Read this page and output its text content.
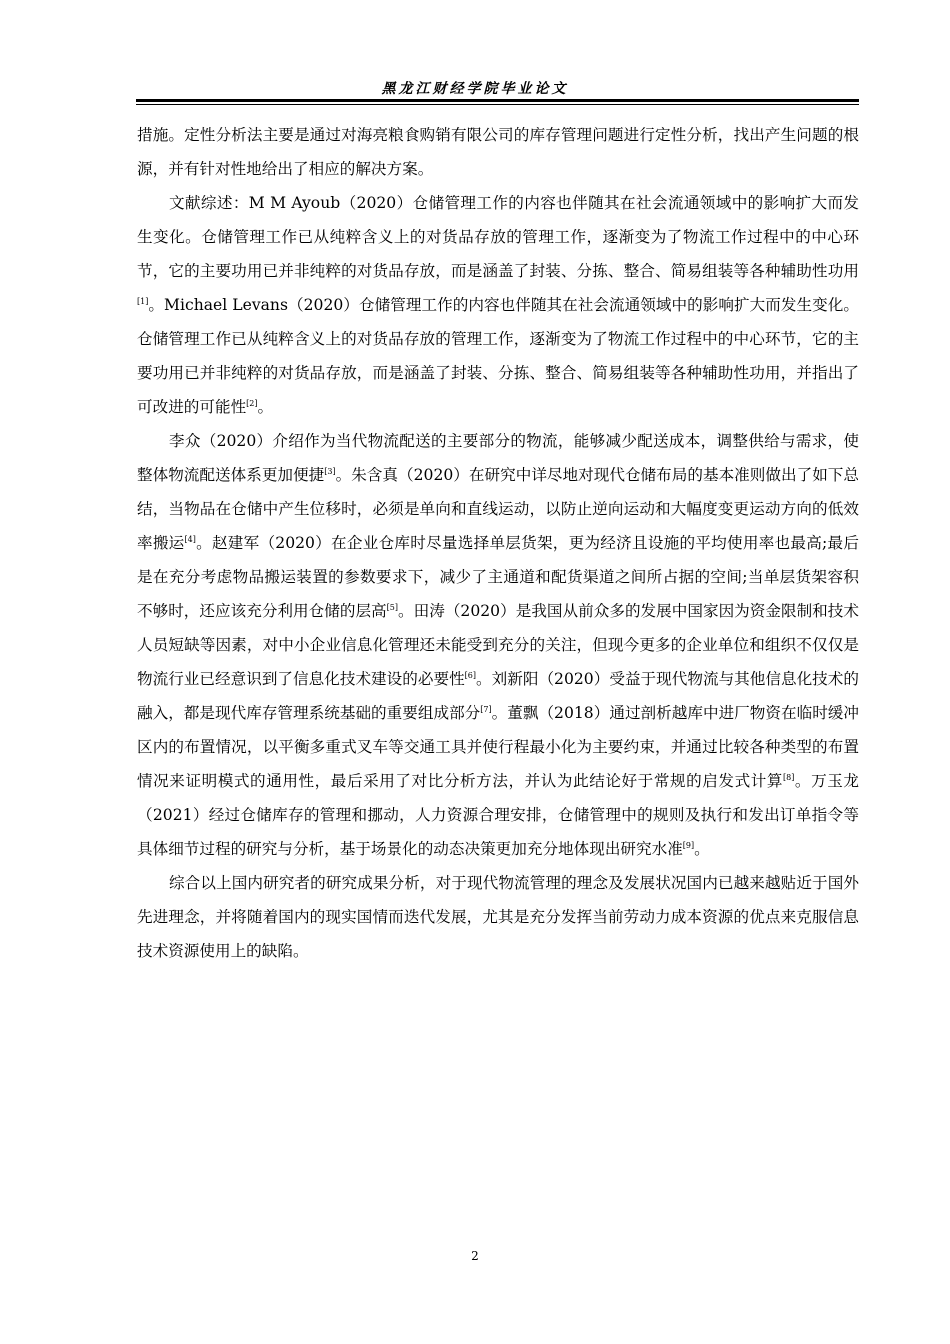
黑龙江财经学院毕业论文

措施。定性分析法主要是通过对海亮粮食购销有限公司的库存管理问题进行定性分析，找出产生问题的根源，并有针对性地给出了相应的解决方案。

文献综述：M M Ayoub（2020）仓储管理工作的内容也伴随其在社会流通领域中的影响扩大而发生变化。仓储管理工作已从纯粹含义上的对货品存放的管理工作，逐渐变为了物流工作过程中的中心环节，它的主要功用已并非纯粹的对货品存放，而是涵盖了封装、分拣、整合、简易组装等各种辅助性功用[1]。Michael Levans（2020）仓储管理工作的内容也伴随其在社会流通领域中的影响扩大而发生变化。仓储管理工作已从纯粹含义上的对货品存放的管理工作，逐渐变为了物流工作过程中的中心环节，它的主要功用已并非纯粹的对货品存放，而是涵盖了封装、分拣、整合、简易组装等各种辅助性功用，并指出了可改进的可能性[2]。

李众（2020）介绍作为当代物流配送的主要部分的物流，能够减少配送成本，调整供给与需求，使整体物流配送体系更加便捷[3]。朱含真（2020）在研究中详尽地对现代仓储布局的基本准则做出了如下总结，当物品在仓储中产生位移时，必须是单向和直线运动，以防止逆向运动和大幅度变更运动方向的低效率搬运[4]。赵建军（2020）在企业仓库时尽量选择单层货架，更为经济且设施的平均使用率也最高;最后是在充分考虑物品搬运装置的参数要求下，减少了主通道和配货渠道之间所占据的空间;当单层货架容积不够时，还应该充分利用仓储的层高[5]。田涛（2020）是我国从前众多的发展中国家因为资金限制和技术人员短缺等因素，对中小企业信息化管理还未能受到充分的关注，但现今更多的企业单位和组织不仅仅是物流行业已经意识到了信息化技术建设的必要性[6]。刘新阳（2020）受益于现代物流与其他信息化技术的融入，都是现代库存管理系统基础的重要组成部分[7]。董飘（2018）通过剖析越库中进厂物资在临时缓冲区内的布置情况，以平衡多重式叉车等交通工具并使行程最小化为主要约束，并通过比较各种类型的布置情况来证明模式的通用性，最后采用了对比分析方法，并认为此结论好于常规的启发式计算[8]。万玉龙（2021）经过仓储库存的管理和挪动，人力资源合理安排，仓储管理中的规则及执行和发出订单指令等具体细节过程的研究与分析，基于场景化的动态决策更加充分地体现出研究水准[9]。

综合以上国内研究者的研究成果分析，对于现代物流管理的理念及发展状况国内已越来越贴近于国外先进理念，并将随着国内的现实国情而迭代发展，尤其是充分发挥当前劳动力成本资源的优点来克服信息技术资源使用上的缺陷。

2
